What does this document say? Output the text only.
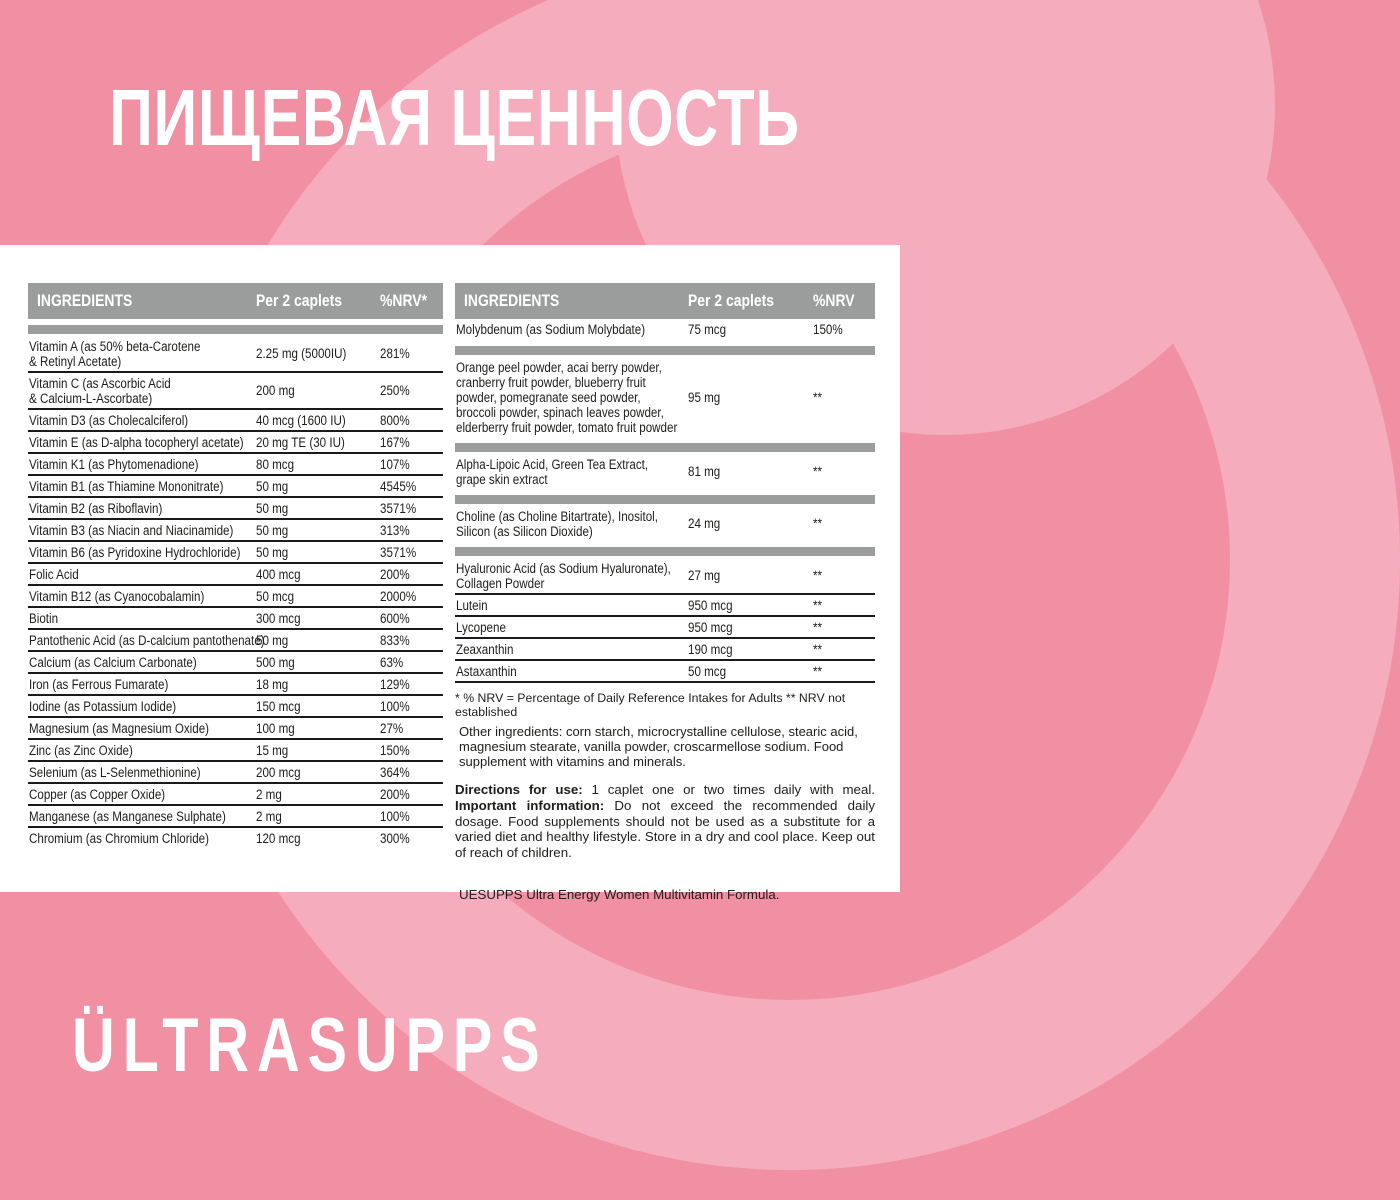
ПИЩЕВАЯ ЦЕННОСТЬ
INGREDIENTS	Per 2 caplets	%NRV*
Vitamin A (as 50% beta-Carotene
& Retinyl Acetate)	2.25 mg (5000IU)	281%
Vitamin C (as Ascorbic Acid
& Calcium-L-Ascorbate)	200 mg	250%
Vitamin D3 (as Cholecalciferol)	40 mcg (1600 IU)	800%
Vitamin E (as D-alpha tocopheryl acetate) 20 mg TE (30 IU)	167%
Vitamin K1 (as Phytomenadione)	80 mcg	107%
Vitamin B1 (as Thiamine Mononitrate)	50 mg	4545%
Vitamin B2 (as Riboflavin)	50 mg	3571%
Vitamin B3 (as Niacin and Niacinamide)	50 mg	313%
Vitamin B6 (as Pyridoxine Hydrochloride)	50 mg	3571%
Folic Acid	400 mcg	200%
Vitamin B12 (as Cyanocobalamin)	50 mcg	2000%
Biotin	300 mcg	600%
Pantothenic Acid (as D-calcium pantothenate)
50 mg	833%
Calcium (as Calcium Carbonate)	500 mg	63%
Iron (as Ferrous Fumarate)	18 mg	129%
Iodine (as Potassium Iodide)	150 mcg	100%
Magnesium (as Magnesium Oxide)	100 mg	27%
Zinc (as Zinc Oxide)	15 mg	150%
Selenium (as L-Selenmethionine)	200 mcg	364%
Copper (as Copper Oxide)	2 mg	200%
Manganese (as Manganese Sulphate)	2 mg	100%
Chromium (as Chromium Chloride)	120 mcg	300%
INGREDIENTS	Per 2 caplets	%NRV
Molybdenum (as Sodium Molybdate)	75 mcg	150%
Orange peel powder, acai berry powder,
cranberry fruit powder, blueberry fruit
powder, pomegranate seed powder,
broccoli powder, spinach leaves powder,
elderberry fruit powder, tomato fruit powder
95 mg	**
Alpha-Lipoic Acid, Green Tea Extract,
grape skin extract	81 mg	**
Choline (as Choline Bitartrate), Inositol,
Silicon (as Silicon Dioxide)	24 mg	**
Hyaluronic Acid (as Sodium Hyaluronate),
Collagen Powder	27 mg	**
Lutein	950 mcg	**
Lycopene	950 mcg	**
Zeaxanthin	190 mcg	**
Astaxanthin	50 mcg	**
* % NRV = Percentage of Daily Reference Intakes for Adults ** NRV not established
Other ingredients: corn starch, microcrystalline cellulose, stearic acid, magnesium stearate, vanilla powder, croscarmellose sodium. Food supplement with vitamins and minerals.
Directions for use: 1 caplet one or two times daily with meal. Important information: Do not exceed the recommended daily dosage. Food supplements should not be used as a substitute for a varied diet and healthy lifestyle. Store in a dry and cool place. Keep out of reach of children.
UESUPPS Ultra Energy Women Multivitamin Formula.
ÜLTRASUPPS
